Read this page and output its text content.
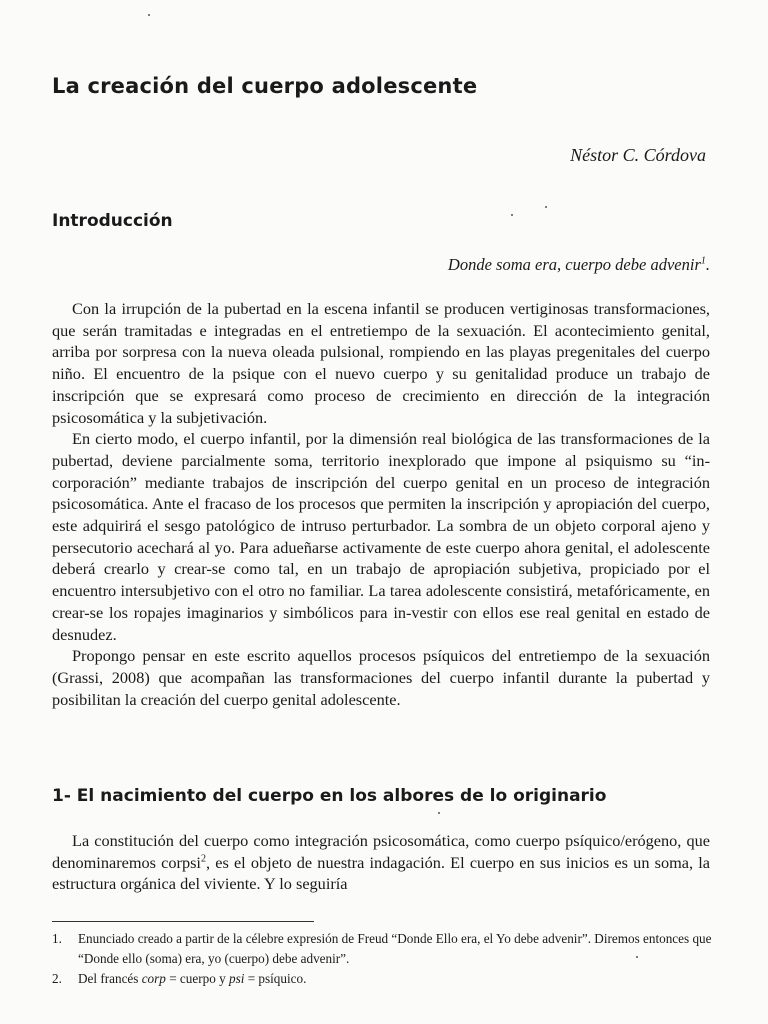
La creación del cuerpo adolescente
Néstor C. Córdova
Introducción
Donde soma era, cuerpo debe advenir$^1$.

Con la irrupción de la pubertad en la escena infantil se producen vertiginosas transformaciones, que serán tramitadas e integradas en el entretiempo de la sexuación. El acontecimiento genital, arriba por sorpresa con la nueva oleada pulsional, rompiendo en las playas pregenitales del cuerpo niño. El encuentro de la psique con el nuevo cuerpo y su genitalidad produce un trabajo de inscripción que se expresará como proceso de crecimiento en dirección de la integración psicosomática y la subjetivación.

En cierto modo, el cuerpo infantil, por la dimensión real biológica de las transformaciones de la pubertad, deviene parcialmente soma, territorio inexplorado que impone al psiquismo su “in-corporación” mediante trabajos de inscripción del cuerpo genital en un proceso de integración psicosomática. Ante el fracaso de los procesos que permiten la inscripción y apropiación del cuerpo, este adquirirá el sesgo patológico de intruso perturbador. La sombra de un objeto corporal ajeno y persecutorio acechará al yo. Para adueñarse activamente de este cuerpo ahora genital, el adolescente deberá crearlo y crear-se como tal, en un trabajo de apropiación subjetiva, propiciado por el encuentro intersubjetivo con el otro no familiar. La tarea adolescente consistirá, metafóricamente, en crear-se los ropajes imaginarios y simbólicos para in-vestir con ellos ese real genital en estado de desnudez.

Propongo pensar en este escrito aquellos procesos psíquicos del entretiempo de la sexuación (Grassi, 2008) que acompañan las transformaciones del cuerpo infantil durante la pubertad y posibilitan la creación del cuerpo genital adolescente.

1- El nacimiento del cuerpo en los albores de lo originario

La constitución del cuerpo como integración psicosomática, como cuerpo psíquico/erógeno, que denominaremos corpsi$^2$, es el objeto de nuestra indagación. El cuerpo en sus inicios es un soma, la estructura orgánica del viviente. Y lo seguiría

1.	Enunciado creado a partir de la célebre expresión de Freud “Donde Ello era, el Yo debe advenir”. Diremos entonces que “Donde ello (soma) era, yo (cuerpo) debe advenir”.
2.	Del francés corp = cuerpo y psi = psíquico.
